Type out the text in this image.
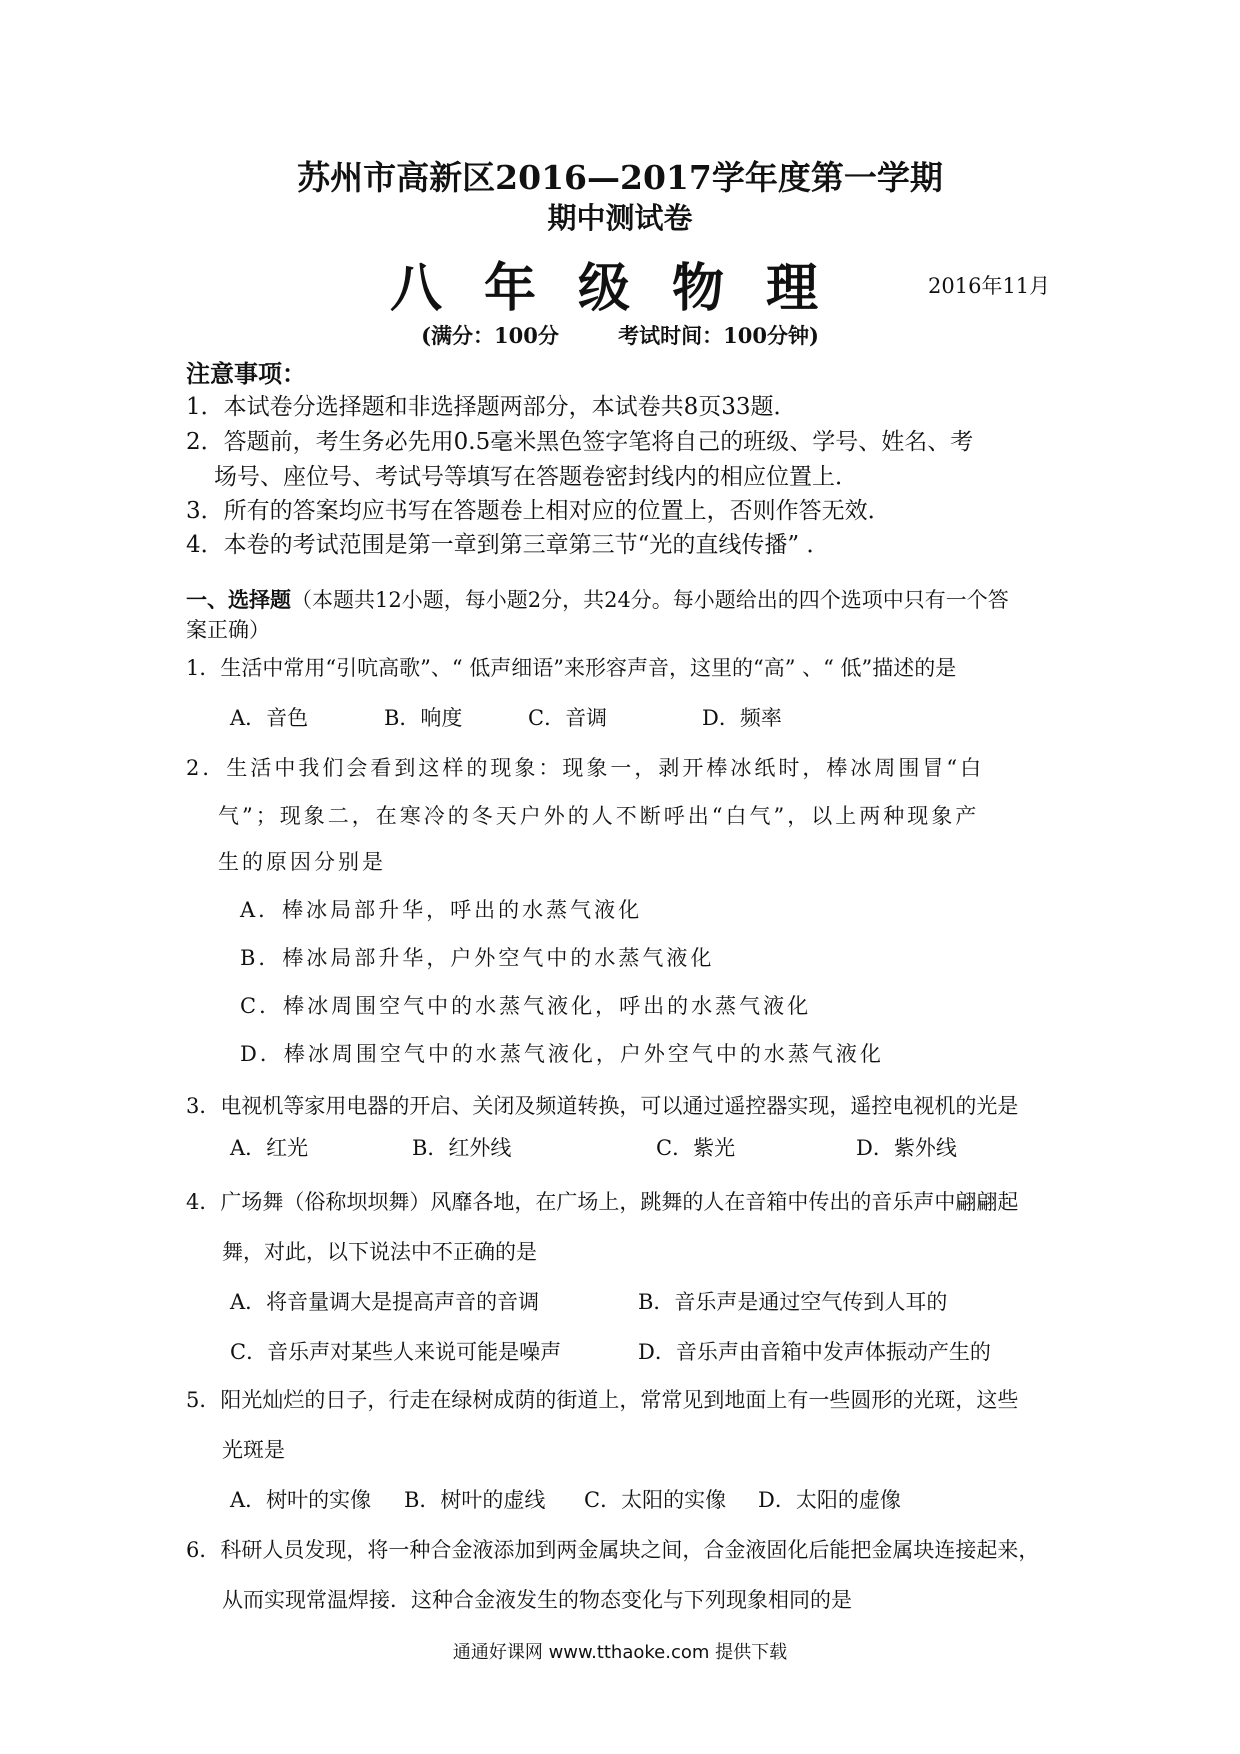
苏州市高新区2016—2017学年度第一学期
期中测试卷
八年级物理	2016年11月
(满分：100分	考试时间：100分钟)
注意事项：
1．本试卷分选择题和非选择题两部分，本试卷共8页33题．
2．答题前，考生务必先用0.5毫米黑色签字笔将自己的班级、学号、姓名、考
场号、座位号、考试号等填写在答题卷密封线内的相应位置上．
3．所有的答案均应书写在答题卷上相对应的位置上，否则作答无效．
4．本卷的考试范围是第一章到第三章第三节“光的直线传播” ．
一、选择题（本题共12小题，每小题2分，共24分。每小题给出的四个选项中只有一个答
案正确）
1．生活中常用“引吭高歌”、“ 低声细语”来形容声音，这里的“高” 、“ 低”描述的是
A．音色	B．响度	C．音调	D．频率
2．生活中我们会看到这样的现象：现象一，剥开棒冰纸时，棒冰周围冒“白
气”；现象二，在寒冷的冬天户外的人不断呼出“白气”，以上两种现象产
生的原因分别是
A．棒冰局部升华，呼出的水蒸气液化
B．棒冰局部升华，户外空气中的水蒸气液化
C．棒冰周围空气中的水蒸气液化，呼出的水蒸气液化
D．棒冰周围空气中的水蒸气液化，户外空气中的水蒸气液化
3．电视机等家用电器的开启、关闭及频道转换，可以通过遥控器实现，遥控电视机的光是
A．红光	B．红外线	C．紫光	D．紫外线
4．广场舞（俗称坝坝舞）风靡各地，在广场上，跳舞的人在音箱中传出的音乐声中翩翩起
舞，对此，以下说法中不正确的是
A．将音量调大是提高声音的音调	B．音乐声是通过空气传到人耳的
C．音乐声对某些人来说可能是噪声	D．音乐声由音箱中发声体振动产生的
5．阳光灿烂的日子，行走在绿树成荫的街道上，常常见到地面上有一些圆形的光斑，这些
光斑是
A．树叶的实像 B．树叶的虚线 C．太阳的实像 D．太阳的虚像
6．科研人员发现，将一种合金液添加到两金属块之间，合金液固化后能把金属块连接起来，
从而实现常温焊接．这种合金液发生的物态变化与下列现象相同的是
通通好课网 www.tthaoke.com 提供下载
